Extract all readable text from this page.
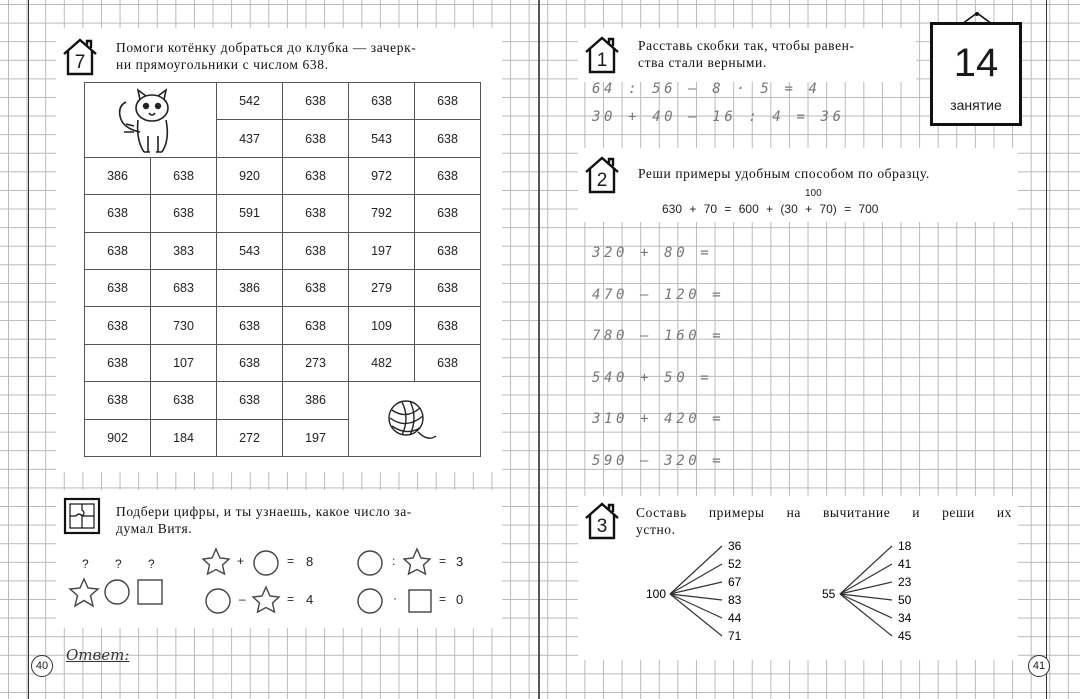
7
Помоги котёнку добраться до клубка — зачерк-
ни прямоугольники с числом 638.
		542	638	638	638
		437	638	543	638
386	638	920	638	972	638
638	638	591	638	792	638
638	383	543	638	197	638
638	683	386	638	279	638
638	730	638	638	109	638
638	107	638	273	482	638
638	638	638	386		
902	184	272	197		
Подбери цифры, и ты узнаешь, какое число за-
думал Витя.
? ? ?	+	= 8
–	= 4
:	= 3
·	= 0
Ответ:
1
Расставь скобки так, чтобы равен-
ства стали верными.
64 : 56 – 8 · 5 = 4
30 + 40 – 16 : 4 = 36
14
занятие
2	Реши примеры удобным способом по образцу.
100
630 + 70 = 600 + (30 + 70) = 700
320 + 80 =
470 – 120 =
780 – 160 =
540 + 50 =
310 + 420 =
590 – 320 =
3
Составь примеры на вычитание и реши их
устно.
100
36
52
67
83
44
71
55
18
41
23
50
34
45
40	41
